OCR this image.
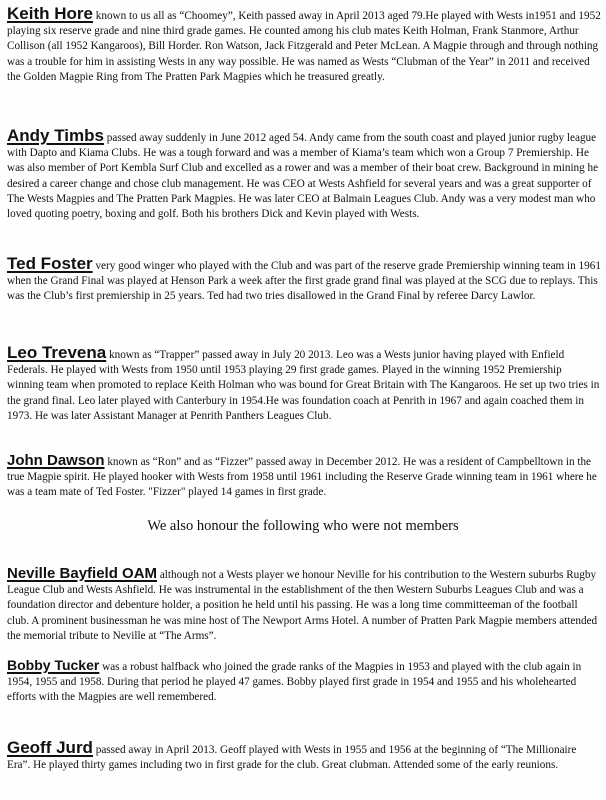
Keith Hore known to us all as “Choomey”, Keith passed away in April 2013 aged 79.He played with Wests in1951 and 1952 playing six reserve grade and nine third grade games. He counted among his club mates Keith Holman, Frank Stanmore, Arthur Collison (all 1952 Kangaroos), Bill Horder. Ron Watson, Jack Fitzgerald and Peter McLean. A Magpie through and through nothing was a trouble for him in assisting Wests in any way possible. He was named as Wests “Clubman of the Year” in 2011 and received the Golden Magpie Ring from The Pratten Park Magpies which he treasured greatly.

Andy Timbs passed away suddenly in June 2012 aged 54. Andy came from the south coast and played junior rugby league with Dapto and Kiama Clubs. He was a tough forward and was a member of Kiama’s team which won a Group 7 Premiership. He was also member of Port Kembla Surf Club and excelled as a rower and was a member of their boat crew. Background in mining he desired a career change and chose club management. He was CEO at Wests Ashfield for several years and was a great supporter of The Wests Magpies and The Pratten Park Magpies. He was later CEO at Balmain Leagues Club. Andy was a very modest man who loved quoting poetry, boxing and golf. Both his brothers Dick and Kevin played with Wests.

Ted Foster very good winger who played with the Club and was part of the reserve grade Premiership winning team in 1961 when the Grand Final was played at Henson Park a week after the first grade grand final was played at the SCG due to replays. This was the Club’s first premiership in 25 years. Ted had two tries disallowed in the Grand Final by referee Darcy Lawlor.

Leo Trevena known as “Trapper” passed away in July 20 2013. Leo was a Wests junior having played with Enfield Federals. He played with Wests from 1950 until 1953 playing 29 first grade games. Played in the winning 1952 Premiership winning team when promoted to replace Keith Holman who was bound for Great Britain with The Kangaroos. He set up two tries in the grand final. Leo later played with Canterbury in 1954.He was foundation coach at Penrith in 1967 and again coached them in 1973. He was later Assistant Manager at Penrith Panthers Leagues Club.

John Dawson known as “Ron” and as “Fizzer” passed away in December 2012. He was a resident of Campbelltown in the true Magpie spirit. He played hooker with Wests from 1958 until 1961 including the Reserve Grade winning team in 1961 where he was a team mate of Ted Foster. "Fizzer" played 14 games in first grade.

We also honour the following who were not members

Neville Bayfield OAM although not a Wests player we honour Neville for his contribution to the Western suburbs Rugby League Club and Wests Ashfield. He was instrumental in the establishment of the then Western Suburbs Leagues Club and was a foundation director and debenture holder, a position he held until his passing. He was a long time committeeman of the football club. A prominent businessman he was mine host of The Newport Arms Hotel. A number of Pratten Park Magpie members attended the memorial tribute to Neville at “The Arms”.

Bobby Tucker was a robust halfback who joined the grade ranks of the Magpies in 1953 and played with the club again in 1954, 1955 and 1958. During that period he played 47 games. Bobby played first grade in 1954 and 1955 and his wholehearted efforts with the Magpies are well remembered.

Geoff Jurd passed away in April 2013. Geoff played with Wests in 1955 and 1956 at the beginning of “The Millionaire Era”. He played thirty games including two in first grade for the club. Great clubman. Attended some of the early reunions.
